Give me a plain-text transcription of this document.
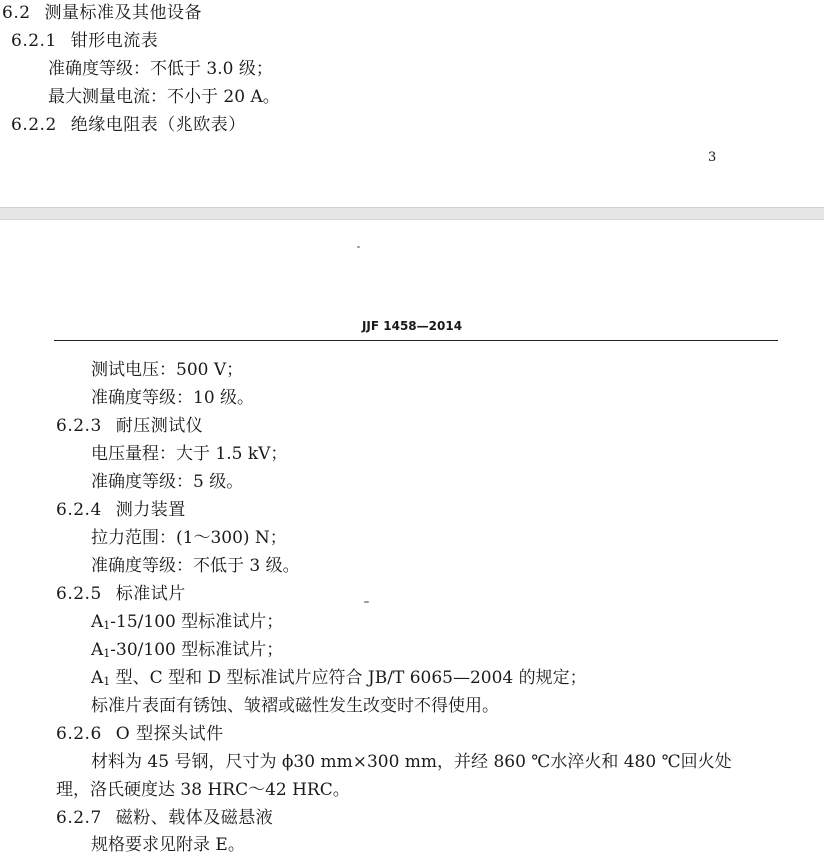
6.2 测量标准及其他设备
6.2.1 钳形电流表
准确度等级：不低于 3.0 级；
最大测量电流：不小于 20 A。
6.2.2 绝缘电阻表（兆欧表）
3
JJF 1458—2014
测试电压：500 V；
准确度等级：10 级。
6.2.3 耐压测试仪
电压量程：大于 1.5 kV；
准确度等级：5 级。
6.2.4 测力装置
拉力范围：(1～300) N；
准确度等级：不低于 3 级。
6.2.5 标准试片
A1-15/100 型标准试片；
A1-30/100 型标准试片；
A1 型、C 型和 D 型标准试片应符合 JB/T 6065—2004 的规定；
标准片表面有锈蚀、皱褶或磁性发生改变时不得使用。
6.2.6 O 型探头试件
材料为 45 号钢，尺寸为 ϕ30 mm×300 mm，并经 860 ℃水淬火和 480 ℃回火处
理，洛氏硬度达 38 HRC～42 HRC。
6.2.7 磁粉、载体及磁悬液
规格要求见附录 E。
